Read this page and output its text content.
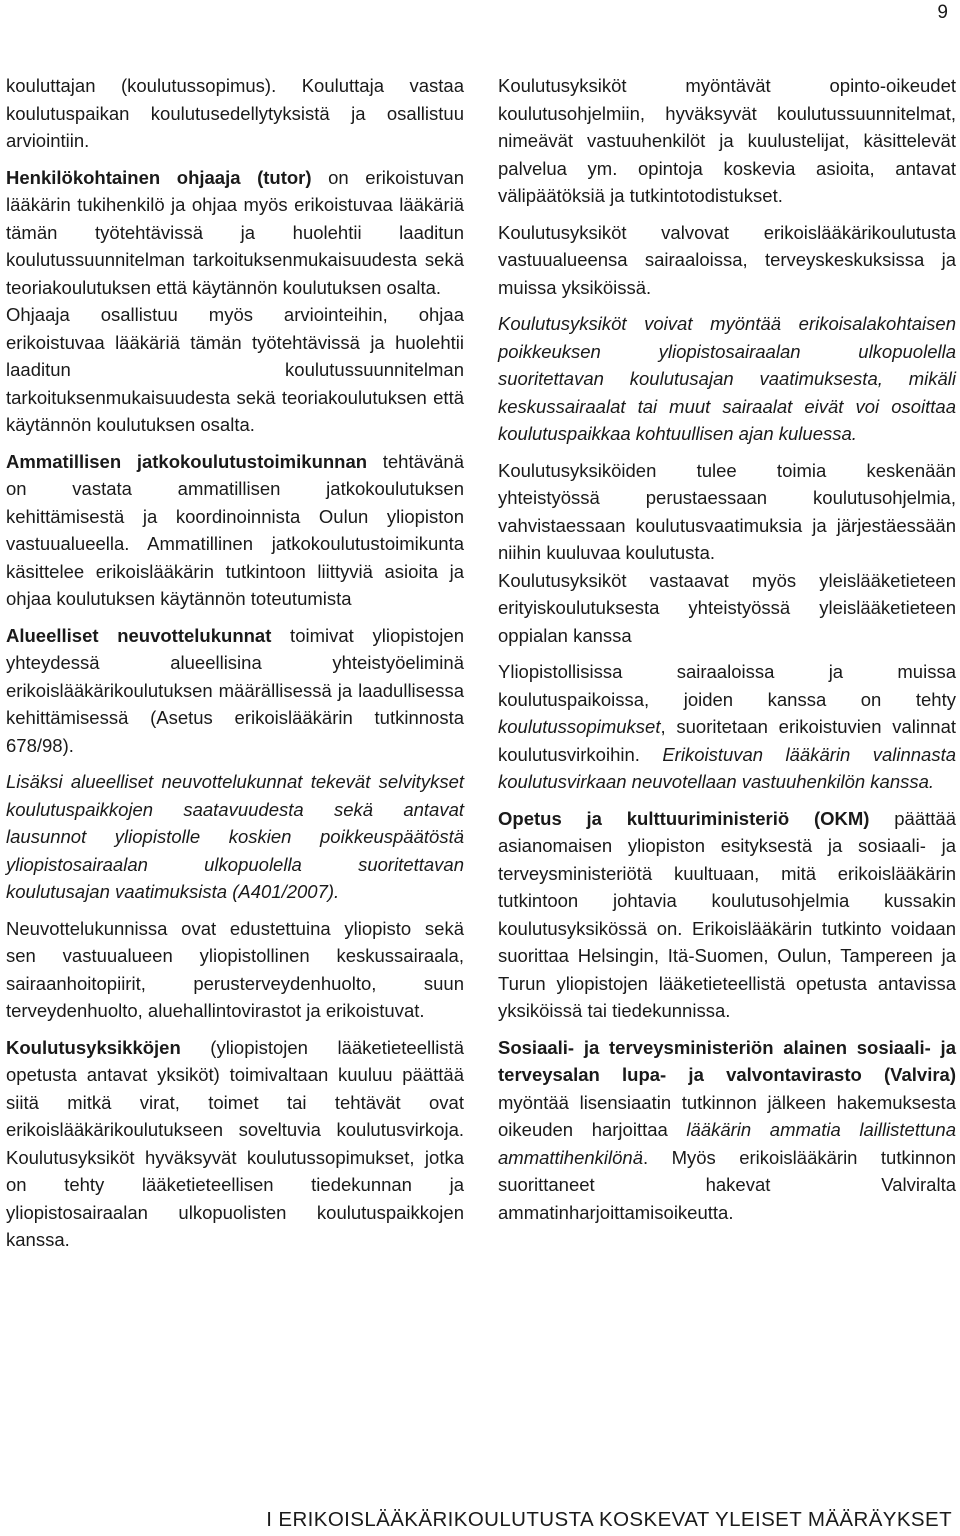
9

kouluttajan (koulutussopimus). Kouluttaja vastaa koulutuspaikan koulutusedellytyksistä ja osallistuu arviointiin.

Henkilökohtainen ohjaaja (tutor) on erikoistuvan lääkärin tukihenkilö ja ohjaa myös erikoistuvaa lääkäriä tämän työtehtävissä ja huolehtii laaditun koulutussuunnitelman tarkoituksenmukaisuudesta sekä teoriakoulutuksen että käytännön koulutuksen osalta.

Ohjaaja osallistuu myös arviointeihin, ohjaa erikoistuvaa lääkäriä tämän työtehtävissä ja huolehtii laaditun koulutussuunnitelman tarkoituksenmukaisuudesta sekä teoriakoulutuksen että käytännön koulutuksen osalta.

Ammatillisen jatkokoulutustoimikunnan tehtävänä on vastata ammatillisen jatkokoulutuksen kehittämisestä ja koordinoinnista Oulun yliopiston vastuualueella. Ammatillinen jatkokoulutustoimikunta käsittelee erikoislääkärin tutkintoon liittyviä asioita ja ohjaa koulutuksen käytännön toteutumista

Alueelliset neuvottelukunnat toimivat yliopistojen yhteydessä alueellisina yhteistyöeliminä erikoislääkärikoulutuksen määrällisessä ja laadullisessa kehittämisessä (Asetus erikoislääkärin tutkinnosta 678/98).

Lisäksi alueelliset neuvottelukunnat tekevät selvitykset koulutuspaikkojen saatavuudesta sekä antavat lausunnot yliopistolle koskien poikkeuspäätöstä yliopistosairaalan ulkopuolella suoritettavan koulutusajan vaatimuksista (A401/2007).

Neuvottelukunnissa ovat edustettuina yliopisto sekä sen vastuualueen yliopistollinen keskussairaala, sairaanhoitopiirit, perusterveydenhuolto, suun terveydenhuolto, aluehallintovirastot ja erikoistuvat.

Koulutusyksikköjen (yliopistojen lääketieteellistä opetusta antavat yksiköt) toimivaltaan kuuluu päättää siitä mitkä virat, toimet tai tehtävät ovat erikoislääkärikoulutukseen soveltuvia koulutusvirkoja. Koulutusyksiköt hyväksyvät koulutussopimukset, jotka on tehty lääketieteellisen tiedekunnan ja yliopistosairaalan ulkopuolisten koulutuspaikkojen kanssa.

Koulutusyksiköt myöntävät opinto-oikeudet koulutusohjelmiin, hyväksyvät koulutussuunnitelmat, nimeävät vastuuhenkilöt ja kuulustelijat, käsittelevät palvelua ym. opintoja koskevia asioita, antavat välipäätöksiä ja tutkintotodistukset.

Koulutusyksiköt valvovat erikoislääkärikoulutusta vastuualueensa sairaaloissa, terveyskeskuksissa ja muissa yksiköissä.

Koulutusyksiköt voivat myöntää erikoisalakohtaisen poikkeuksen yliopistosairaalan ulkopuolella suoritettavan koulutusajan vaatimuksesta, mikäli keskussairaalat tai muut sairaalat eivät voi osoittaa koulutuspaikkaa kohtuullisen ajan kuluessa.

Koulutusyksiköiden tulee toimia keskenään yhteistyössä perustaessaan koulutusohjelmia, vahvistaessaan koulutusvaatimuksia ja järjestäessään niihin kuuluvaa koulutusta.

Koulutusyksiköt vastaavat myös yleislääketieteen erityiskoulutuksesta yhteistyössä yleislääketieteen oppialan kanssa

Yliopistollisissa sairaaloissa ja muissa koulutuspaikoissa, joiden kanssa on tehty koulutussopimukset, suoritetaan erikoistuvien valinnat koulutusvirkoihin. Erikoistuvan lääkärin valinnasta koulutusvirkaan neuvotellaan vastuuhenkilön kanssa.

Opetus ja kulttuuriministeriö (OKM) päättää asianomaisen yliopiston esityksestä ja sosiaali- ja terveysministeriötä kuultuaan, mitä erikoislääkärin tutkintoon johtavia koulutusohjelmia kussakin koulutusyksikössä on. Erikoislääkärin tutkinto voidaan suorittaa Helsingin, Itä-Suomen, Oulun, Tampereen ja Turun yliopistojen lääketieteellistä opetusta antavissa yksiköissä tai tiedekunnissa.

Sosiaali- ja terveysministeriön alainen sosiaali- ja terveysalan lupa- ja valvontavirasto (Valvira) myöntää lisensiaatin tutkinnon jälkeen hakemuksesta oikeuden harjoittaa lääkärin ammatia laillistettuna ammattihenkilönä. Myös erikoislääkärin tutkinnon suorittaneet hakevat Valviralta ammatinharjoittamisoikeutta.

I ERIKOISLÄÄKÄRIKOULUTUSTA KOSKEVAT YLEISET MÄÄRÄYKSET
